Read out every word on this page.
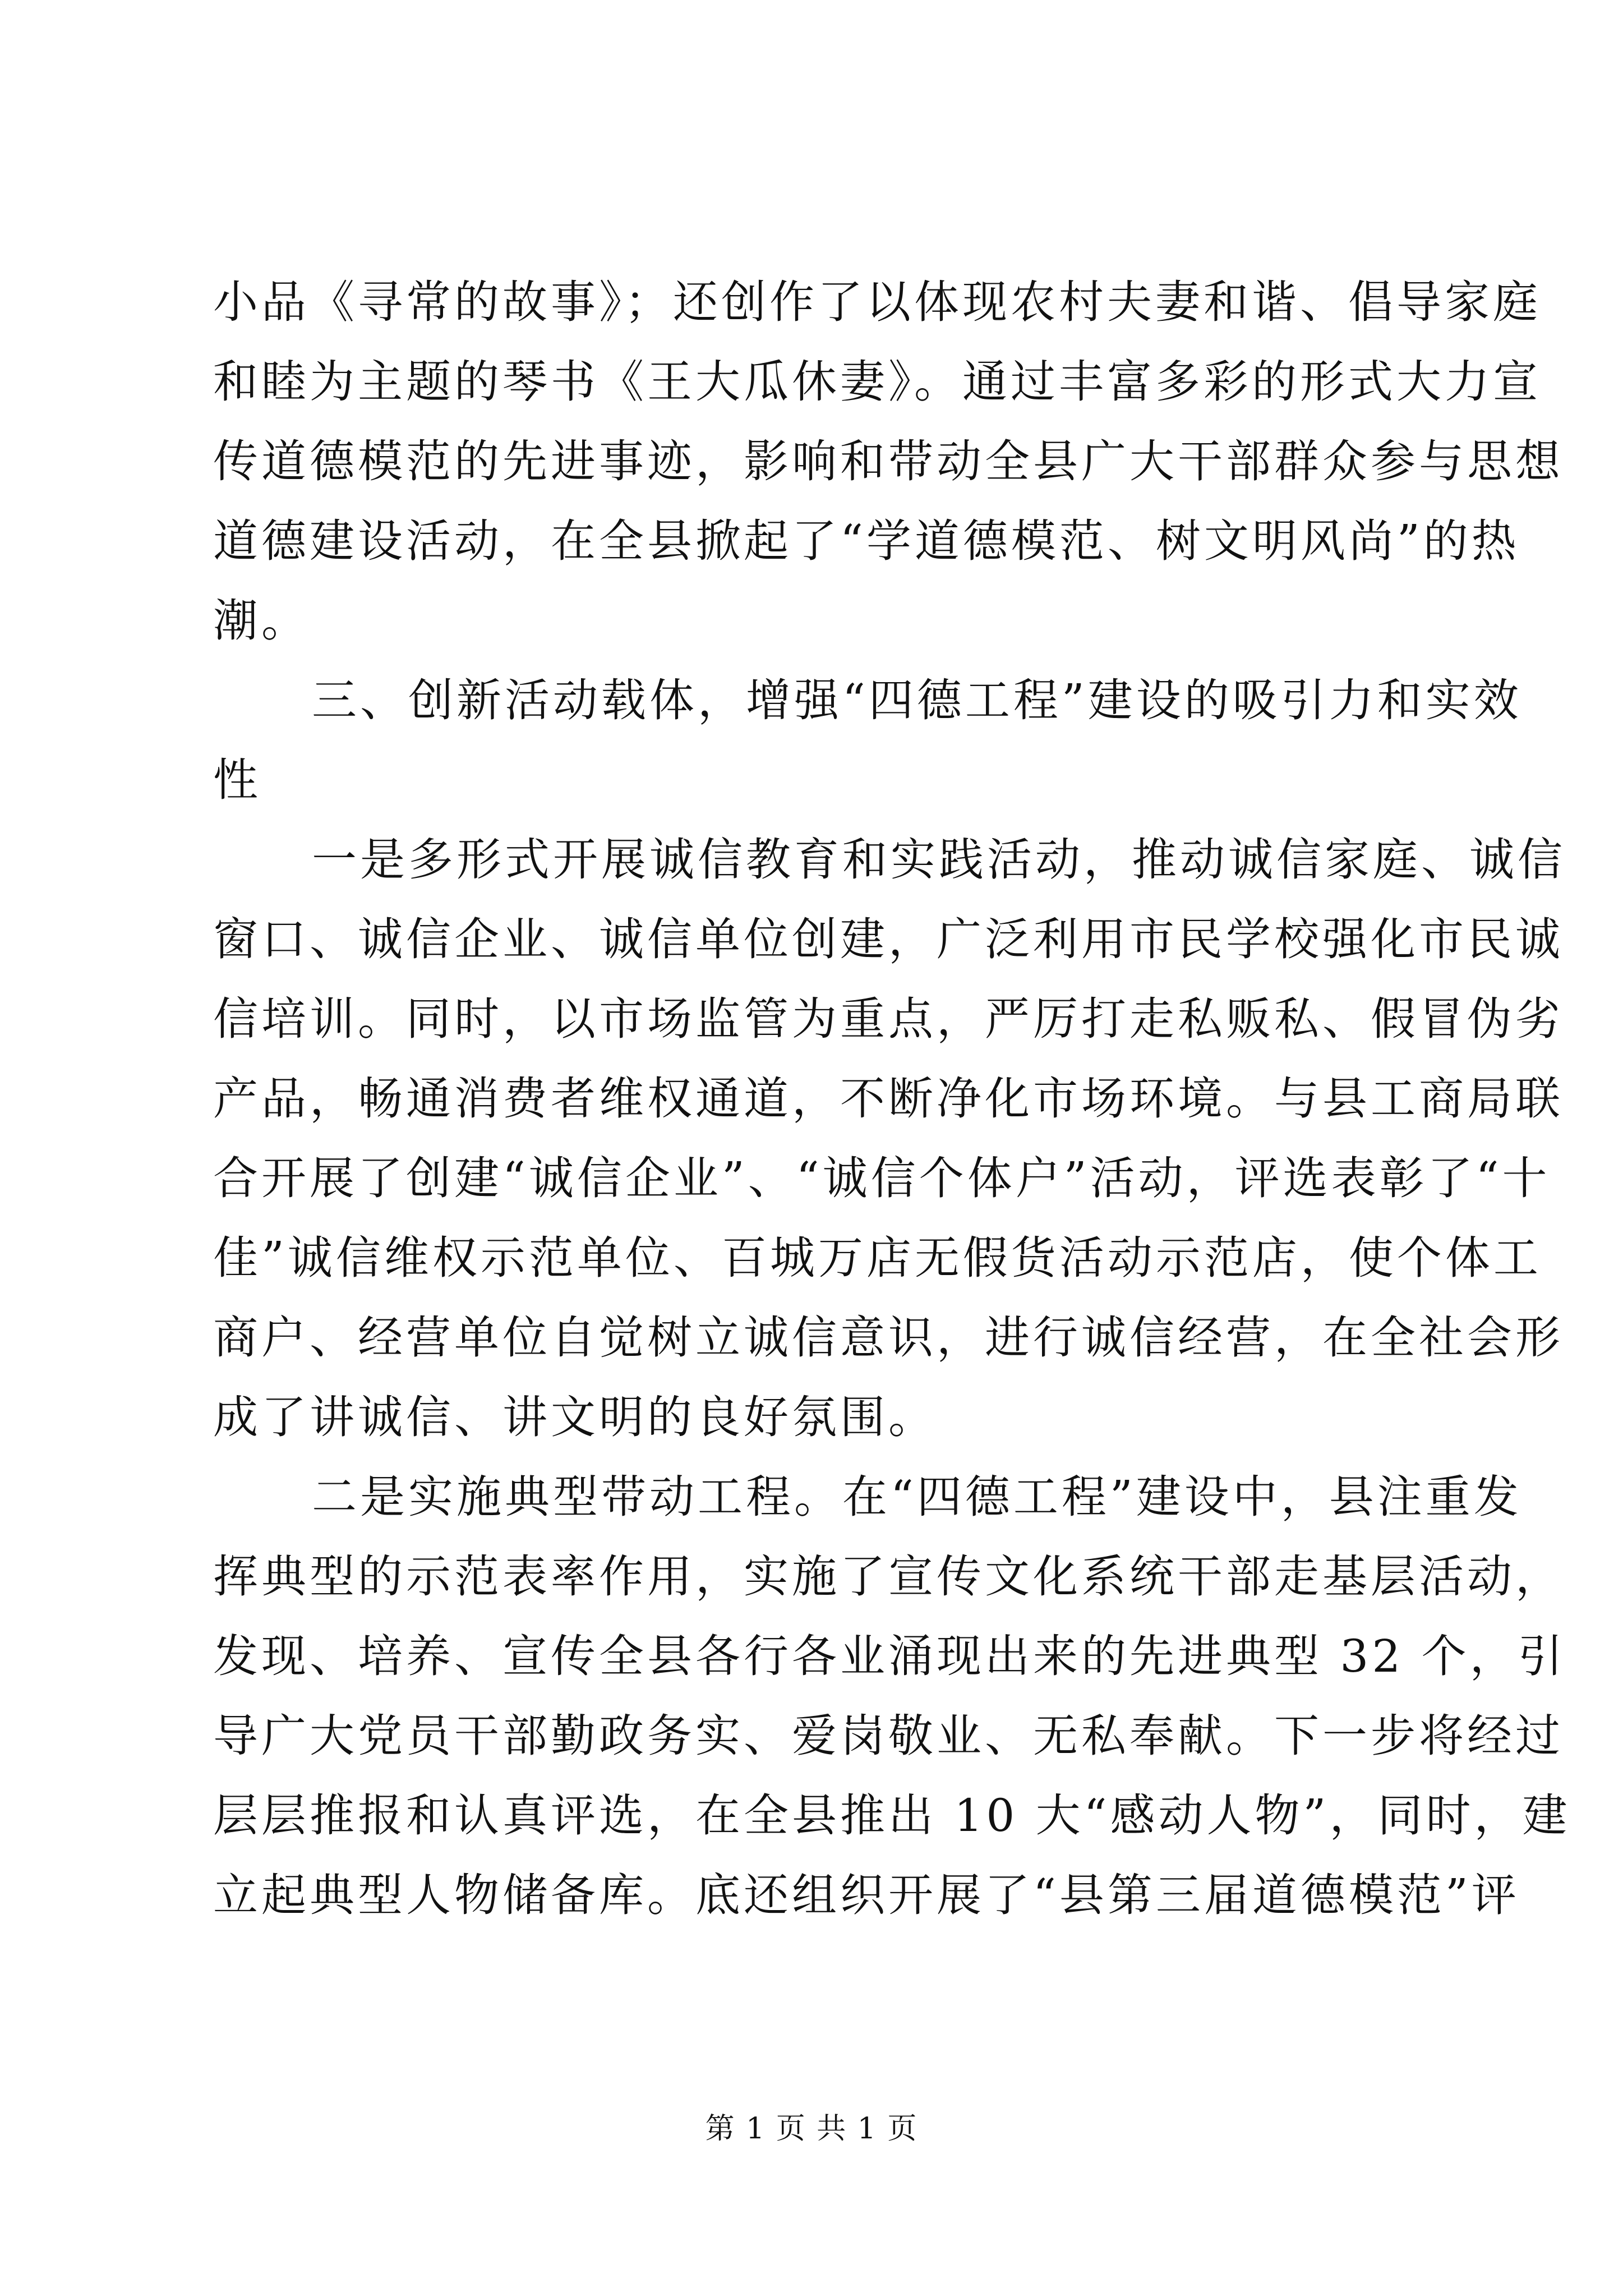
小品《寻常的故事》；还创作了以体现农村夫妻和谐、倡导家庭
和睦为主题的琴书《王大瓜休妻》。通过丰富多彩的形式大力宣
传道德模范的先进事迹，影响和带动全县广大干部群众参与思想
道德建设活动，在全县掀起了“学道德模范、树文明风尚”的热
潮。
三、创新活动载体，增强“四德工程”建设的吸引力和实效
性
一是多形式开展诚信教育和实践活动，推动诚信家庭、诚信
窗口、诚信企业、诚信单位创建，广泛利用市民学校强化市民诚
信培训。同时，以市场监管为重点，严厉打走私贩私、假冒伪劣
产品，畅通消费者维权通道，不断净化市场环境。与县工商局联
合开展了创建“诚信企业”、“诚信个体户”活动，评选表彰了“十
佳”诚信维权示范单位、百城万店无假货活动示范店，使个体工
商户、经营单位自觉树立诚信意识，进行诚信经营，在全社会形
成了讲诚信、讲文明的良好氛围。
二是实施典型带动工程。在“四德工程”建设中，县注重发
挥典型的示范表率作用，实施了宣传文化系统干部走基层活动，
发现、培养、宣传全县各行各业涌现出来的先进典型 32 个，引
导广大党员干部勤政务实、爱岗敬业、无私奉献。下一步将经过
层层推报和认真评选，在全县推出 10 大“感动人物”，同时，建
立起典型人物储备库。底还组织开展了“县第三届道德模范”评
第 1 页 共 1 页
